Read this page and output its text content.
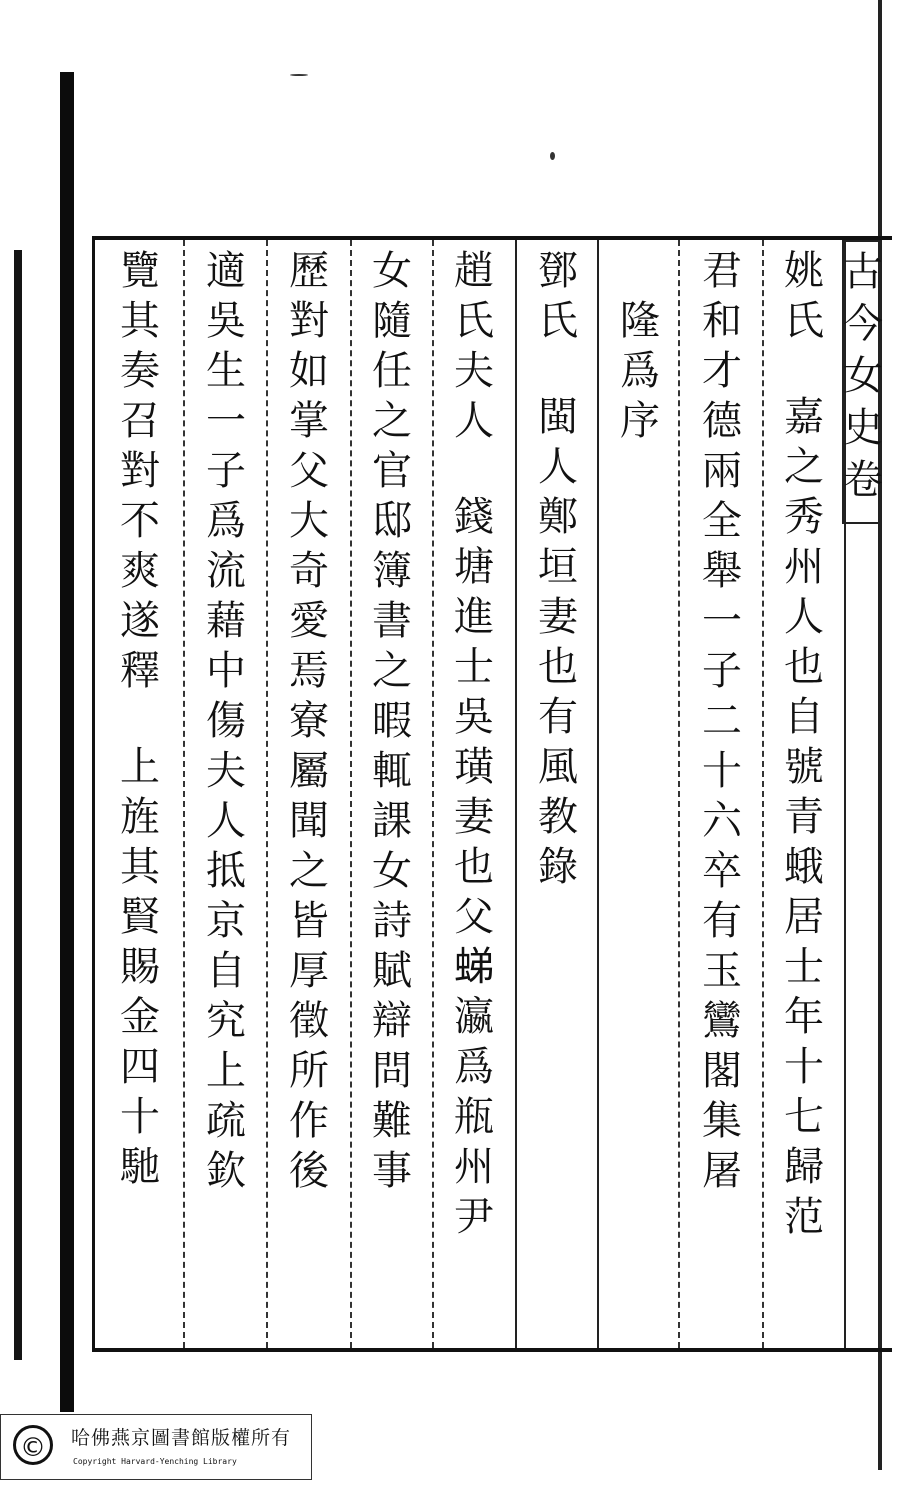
姚
氏
嘉
之
秀
州
人
也
自
號
青
蛾
居
士
年
十
七
歸
范
君
和
才
德
兩
全
舉
一
子
二
十
六
卒
有
玉
鸞
閣
集
屠
隆
爲
序
鄧
氏
閩
人
鄭
垣
妻
也
有
風
教
錄
趙
氏
夫
人
錢
塘
進
士
吳
璜
妻
也
父
𧋘
瀛
爲
瓶
州
尹
女
隨
任
之
官
邸
簿
書
之
暇
輒
課
女
詩
賦
辯
問
難
事
歷
對
如
掌
父
大
奇
愛
焉
寮
屬
聞
之
皆
厚
徵
所
作
後
適
吳
生
一
子
爲
流
藉
中
傷
夫
人
抵
京
自
究
上
疏
欽
覽
其
奏
召
對
不
爽
遂
釋
上
旌
其
賢
賜
金
四
十
馳
古
今
女
史
卷
©	哈佛燕京圖書館版權所有
Copyright Harvard-Yenching Library
